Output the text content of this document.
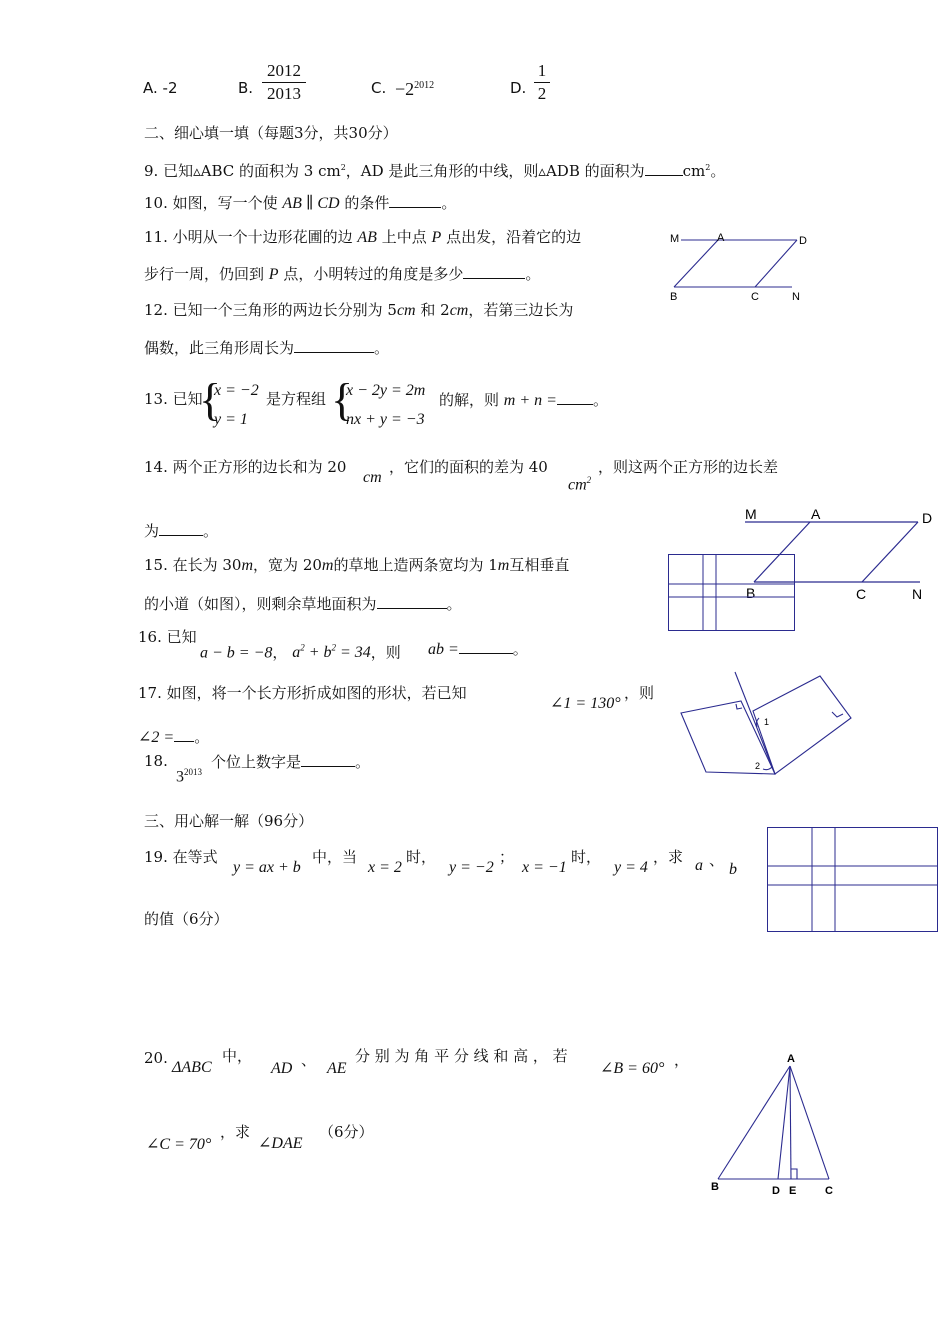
A. -2	B.
2012
2013	C. $-2^{2012}$	D.
1
2
二、细心填一填（每题3分，共30分）
9. 已知▵ABC 的面积为 3 $cm^2$，AD 是此三角形的中线，则▵ADB 的面积为	$cm^2$。
10. 如图，写一个使 AB ∥ CD 的条件	。
11. 小明从一个十边形花圃的边 AB 上中点 P 点出发，沿着它的边
步行一周，仍回到 P 点，小明转过的角度是多少	。
M	A	D
B	C	N
12. 已知一个三角形的两边长分别为 5cm 和 2cm，若第三边长为
偶数，此三角形周长为	。
13. 已知
{
x = −2
y = 1
是方程组 {
x − 2y = 2m
nx + y = −3
的解，则 m + n = 。
14. 两个正方形的边长和为 20
cm
，它们的面积的差为 40
$cm^2$
，则这两个正方形的边长差
为	。
M	A	D
B	C	N
15. 在长为 30m，宽为 20m的草地上造两条宽均为 1m互相垂直
的小道（如图），则剩余草地面积为	。
16. 已知
a − b = −8， $a^2 + b^2 = 34$，则 ab =	。
17. 如图，将一个长方形折成如图的形状，若已知
∠1 = 130°
，则
∠2 = 。
1
2
18.
$3^{2013}$
个位上数字是	。
三、用心解一解（96分）
19. 在等式
y = ax + b
中，当
x = 2
时，
y = −2
；
x = −1
时，
y = 4
，求 a 、
b
的值（6分）
20.
ΔABC
中，
AD 、 AE
分 别 为 角 平 分 线 和 高 ， 若
∠B = 60° ，
∠C = 70°
，求
∠DAE
（6分）
A
B	D E	C
